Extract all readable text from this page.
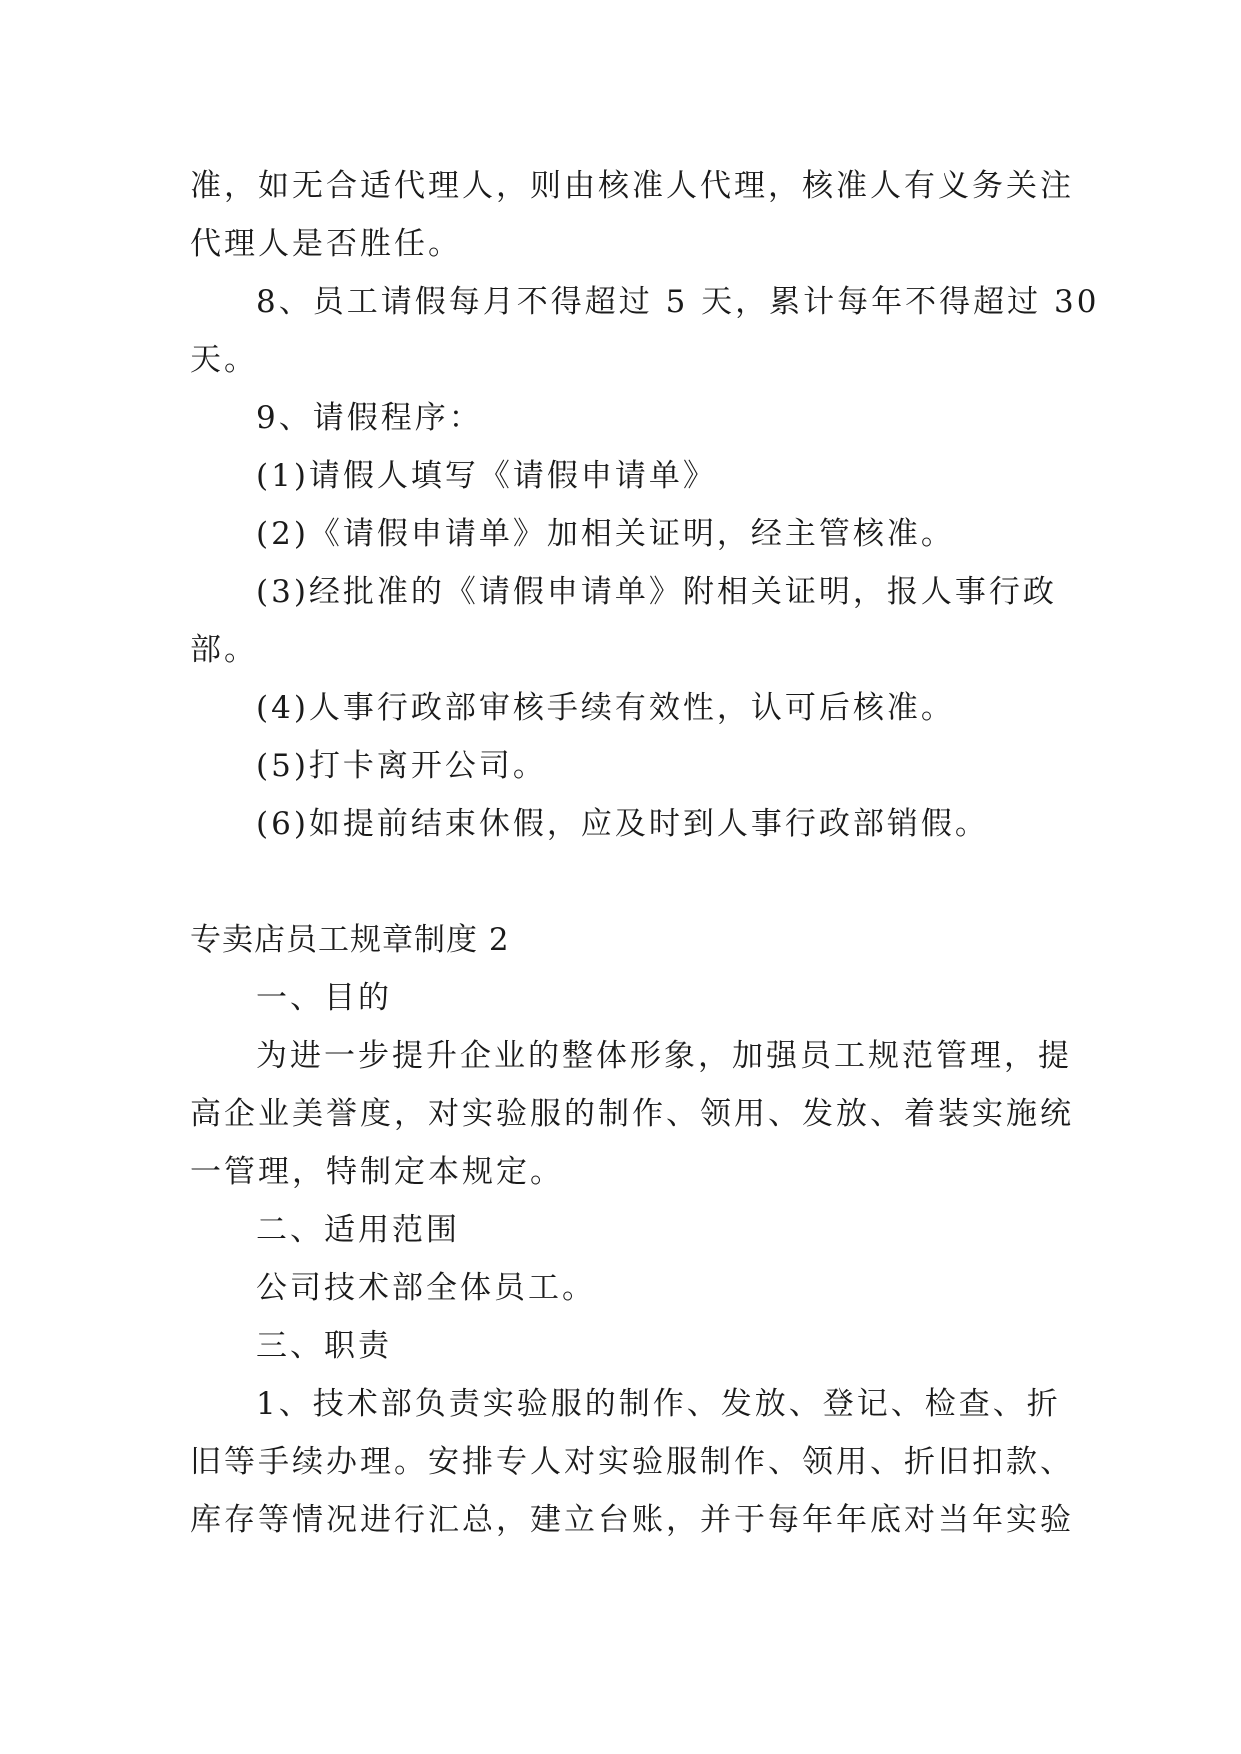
准，如无合适代理人，则由核准人代理，核准人有义务关注
代理人是否胜任。
8、员工请假每月不得超过 5 天，累计每年不得超过 30
天。
9、请假程序：
(1)请假人填写《请假申请单》
(2)《请假申请单》加相关证明，经主管核准。
(3)经批准的《请假申请单》附相关证明，报人事行政
部。
(4)人事行政部审核手续有效性，认可后核准。
(5)打卡离开公司。
(6)如提前结束休假，应及时到人事行政部销假。
专卖店员工规章制度 2
一、目的
为进一步提升企业的整体形象，加强员工规范管理，提
高企业美誉度，对实验服的制作、领用、发放、着装实施统
一管理，特制定本规定。
二、适用范围
公司技术部全体员工。
三、职责
1、技术部负责实验服的制作、发放、登记、检查、折
旧等手续办理。安排专人对实验服制作、领用、折旧扣款、
库存等情况进行汇总，建立台账，并于每年年底对当年实验
